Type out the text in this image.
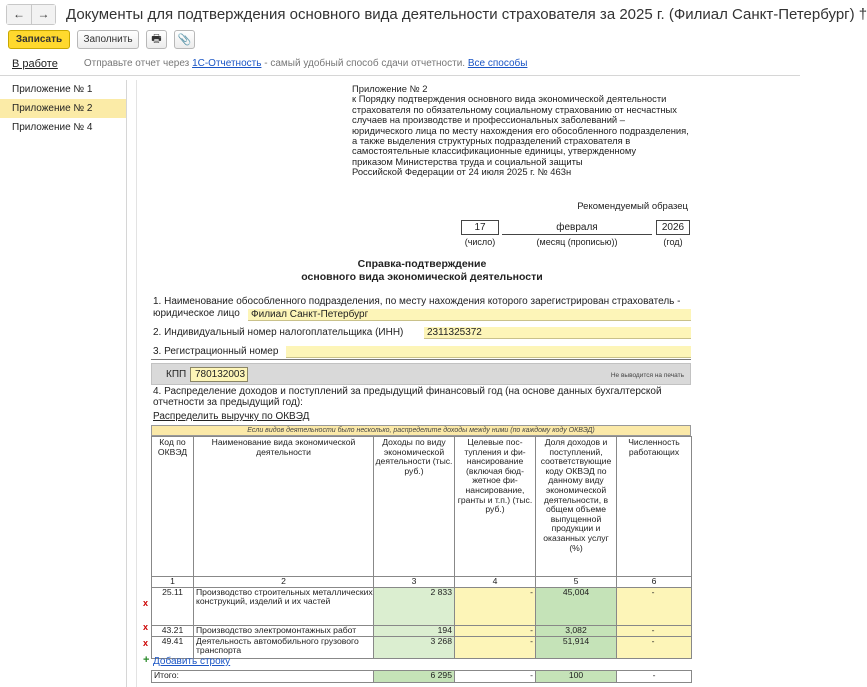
←	→	Документы для подтверждения основного вида деятельности страхователя за 2025 г. (Филиал Санкт-Петербург) †
Записать	Заполнить	🖶	📎
В работе	Отправьте отчет через 1С-Отчетность - самый удобный способ сдачи отчетности. Все способы
Приложение № 1
Приложение № 2
Приложение № 4
Приложение № 2
к Порядку подтверждения основного вида экономической деятельности
страхователя по обязательному социальному страхованию от несчастных
случаев на производстве и профессиональных заболеваний –
юридического лица по месту нахождения его обособленного подразделения,
а также выделения структурных подразделений страхователя в
самостоятельные классификационные единицы, утвержденному
приказом Министерства труда и социальной защиты
Российской Федерации от 24 июля 2025 г. № 463н
Рекомендуемый образец
17	февраля	2026
(число)	(месяц (прописью))	(год)
Справка-подтверждение
основного вида экономической деятельности
1. Наименование обособленного подразделения, по месту нахождения которого зарегистрирован страхователь -
юридическое лицо	Филиал Санкт-Петербург
2. Индивидуальный номер налогоплательщика (ИНН)	2311325372
3. Регистрационный номер
КПП 780132003	Не выводится на печать
4. Распределение доходов и поступлений за предыдущий финансовый год (на основе данных бухгалтерской
отчетности за предыдущий год):
Распределить выручку по ОКВЭД
Если видов деятельности было несколько, распределите доходы между ними (по каждому коду ОКВЭД)
Код по ОКВЭД	Наименование вида экономической деятельности	Доходы по виду экономической деятельности (тыс. руб.)	Целевые пос-тупления и фи-нансирование (включая бюд-жетное фи-нансирование, гранты и т.п.) (тыс. руб.)	Доля доходов и поступлений, соответствующие коду ОКВЭД по данному виду экономической деятельности, в общем объеме выпущенной продукции и оказанных услуг (%)	Численность работающих
1	2	3	4	5	6
25.11	Производство строительных металлических конструкций, изделий и их частей	2 833	-	45,004	-
43.21	Производство электромонтажных работ	194	-	3,082	-
49.41	Деятельность автомобильного грузового транспорта	3 268	-	51,914	-

Итого:		6 295	-	100	-
x
x
x
+ Добавить строку
